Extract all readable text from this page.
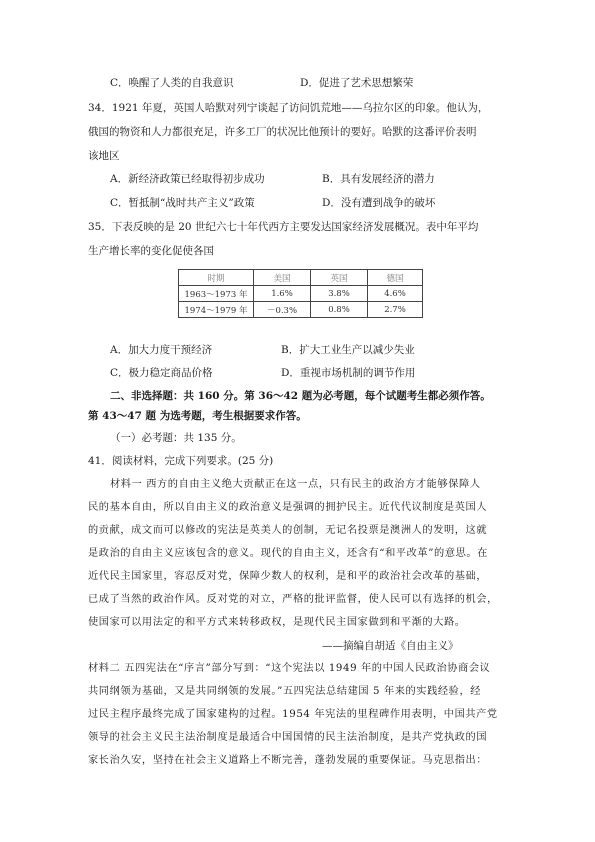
C．唤醒了人类的自我意识	D．促进了艺术思想繁荣
34．1921 年夏，英国人哈默对列宁谈起了访问饥荒地——乌拉尔区的印象。他认为，
俄国的物资和人力都很充足，许多工厂的状况比他预计的要好。哈默的这番评价表明
该地区
A．新经济政策已经取得初步成功	B．具有发展经济的潜力
C．暂抵制“战时共产主义”政策	D．没有遭到战争的破坏
35．下表反映的是 20 世纪六七十年代西方主要发达国家经济发展概况。表中年平均
生产增长率的变化促使各国
时期	美国	英国	德国
1963～1973 年	1.6%	3.8%	4.6%
1974～1979 年	－0.3%	0.8%	2.7%
A．加大力度干预经济	B．扩大工业生产以减少失业
C．极力稳定商品价格	D．重视市场机制的调节作用
二、非选择题：共 160 分。第 36～42 题为必考题，每个试题考生都必须作答。
第 43～47 题 为选考题，考生根据要求作答。
（一）必考题：共 135 分。
41．阅读材料，完成下列要求。(25 分)
材料一 西方的自由主义绝大贡献正在这一点，只有民主的政治方才能够保障人
民的基本自由，所以自由主义的政治意义是强调的拥护民主。近代代议制度是英国人
的贡献，成文而可以修改的宪法是英美人的创制，无记名投票是澳洲人的发明，这就
是政治的自由主义应该包含的意义。现代的自由主义，还含有“和平改革”的意思。在
近代民主国家里，容忍反对党，保障少数人的权利，是和平的政治社会改革的基础，
已成了当然的政治作风。反对党的对立，严格的批评监督，使人民可以有选择的机会，
使国家可以用法定的和平方式来转移政权，是现代民主国家做到和平渐的大路。
——摘编自胡适《自由主义》
材料二 五四宪法在“序言”部分写到：“这个宪法以 1949 年的中国人民政治协商会议
共同纲领为基础，又是共同纲领的发展。”五四宪法总结建国 5 年来的实践经验，经
过民主程序最终完成了国家建构的过程。1954 年宪法的里程碑作用表明，中国共产党
领导的社会主义民主法治制度是最适合中国国情的民主法治制度，是共产党执政的国
家长治久安，坚持在社会主义道路上不断完善，蓬勃发展的重要保证。马克思指出：
